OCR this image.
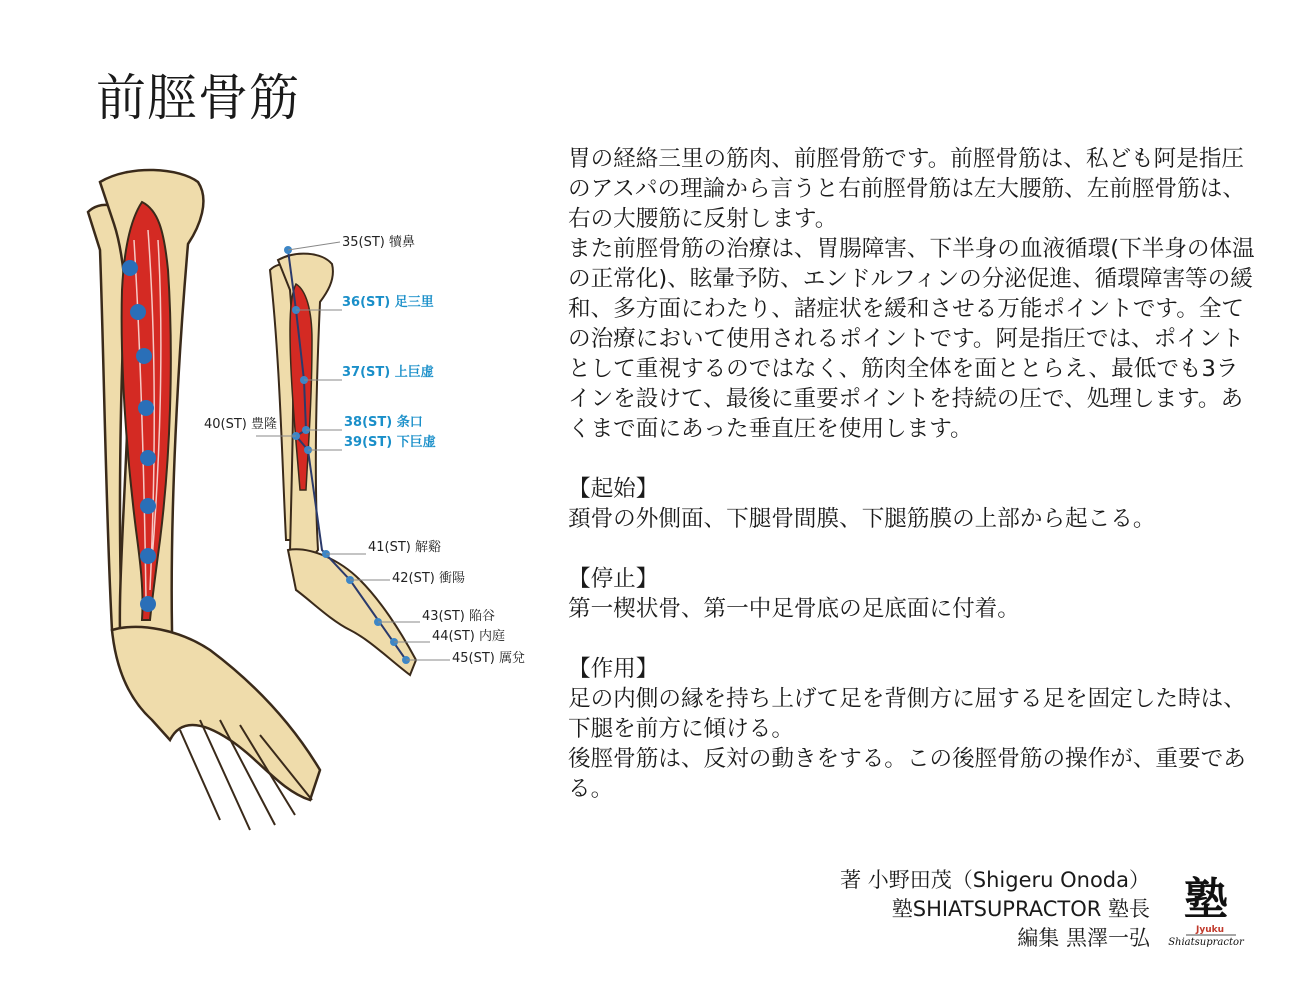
前脛骨筋
35(ST) 犢鼻
36(ST) 足三里
37(ST) 上巨虚
38(ST) 条口
39(ST) 下巨虚
40(ST) 豊隆
41(ST) 解谿
42(ST) 衝陽
43(ST) 陥谷
44(ST) 内庭
45(ST) 厲兌

胃の経絡三里の筋肉、前脛骨筋です。前脛骨筋は、私ども阿是指圧のアスパの理論から言うと右前脛骨筋は左大腰筋、左前脛骨筋は、右の大腰筋に反射します。
また前脛骨筋の治療は、胃腸障害、下半身の血液循環(下半身の体温の正常化)、眩暈予防、エンドルフィンの分泌促進、循環障害等の緩和、多方面にわたり、諸症状を緩和させる万能ポイントです。全ての治療において使用されるポイントです。阿是指圧では、ポイントとして重視するのではなく、筋肉全体を面ととらえ、最低でも3ラインを設けて、最後に重要ポイントを持続の圧で、処理します。あくまで面にあった垂直圧を使用します。

【起始】

頚骨の外側面、下腿骨間膜、下腿筋膜の上部から起こる。

【停止】

第一楔状骨、第一中足骨底の足底面に付着。

【作用】

足の内側の縁を持ち上げて足を背側方に屈する足を固定した時は、下腿を前方に傾ける。
後脛骨筋は、反対の動きをする。この後脛骨筋の操作が、重要である。

著 小野田茂（Shigeru Onoda）
塾SHIATSUPRACTOR 塾長
編集 黒澤一弘
塾
Jyuku
Shiatsupractor
